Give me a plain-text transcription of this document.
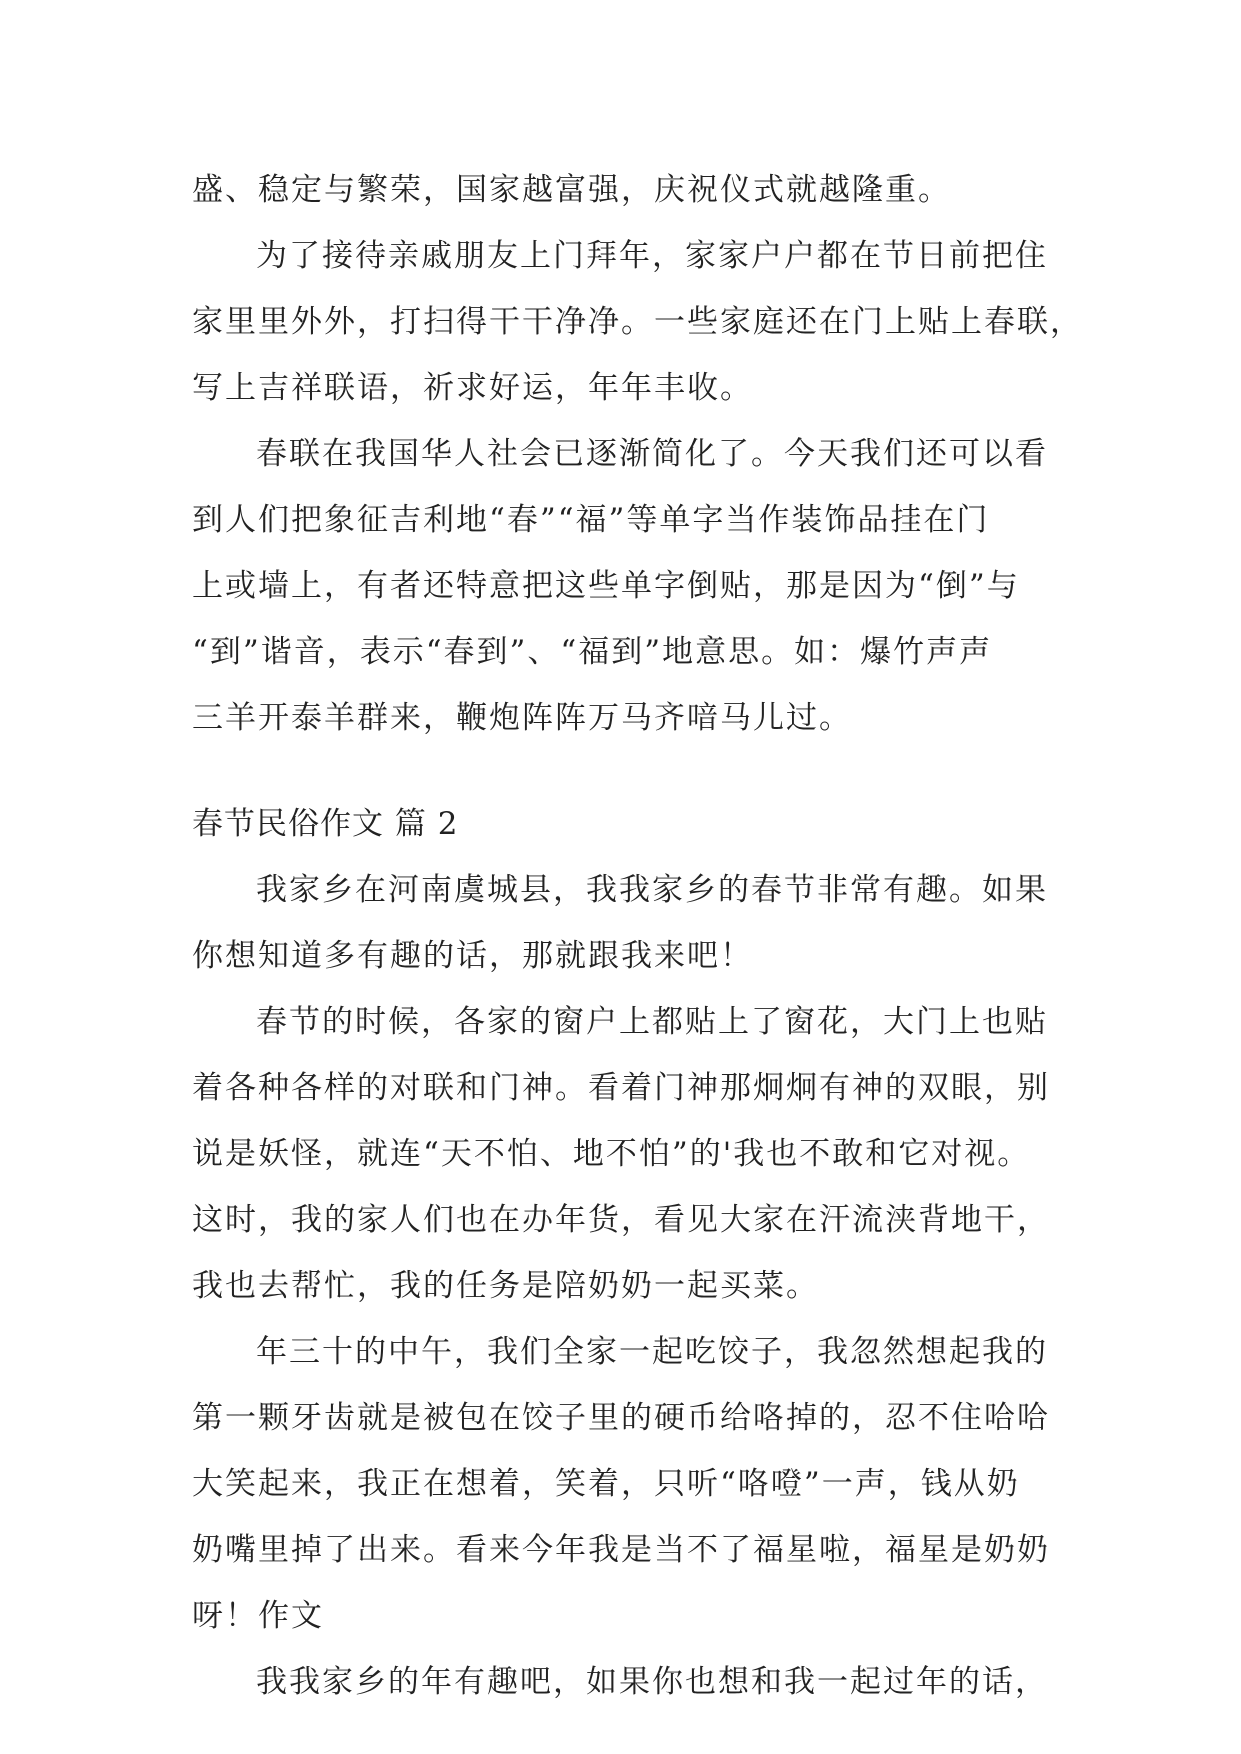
盛、稳定与繁荣，国家越富强，庆祝仪式就越隆重。
为了接待亲戚朋友上门拜年，家家户户都在节日前把住
家里里外外，打扫得干干净净。一些家庭还在门上贴上春联，
写上吉祥联语，祈求好运，年年丰收。
春联在我国华人社会已逐渐简化了。今天我们还可以看
到人们把象征吉利地“春”“福”等单字当作装饰品挂在门
上或墙上，有者还特意把这些单字倒贴，那是因为“倒”与
“到”谐音，表示“春到”、“福到”地意思。如：爆竹声声
三羊开泰羊群来，鞭炮阵阵万马齐喑马儿过。
春节民俗作文 篇 2
我家乡在河南虞城县，我我家乡的春节非常有趣。如果
你想知道多有趣的话，那就跟我来吧！
春节的时候，各家的窗户上都贴上了窗花，大门上也贴
着各种各样的对联和门神。看着门神那炯炯有神的双眼，别
说是妖怪，就连“天不怕、地不怕”的'我也不敢和它对视。
这时，我的家人们也在办年货，看见大家在汗流浃背地干，
我也去帮忙，我的任务是陪奶奶一起买菜。
年三十的中午，我们全家一起吃饺子，我忽然想起我的
第一颗牙齿就是被包在饺子里的硬币给咯掉的，忍不住哈哈
大笑起来，我正在想着，笑着，只听“咯噔”一声，钱从奶
奶嘴里掉了出来。看来今年我是当不了福星啦，福星是奶奶
呀！作文
我我家乡的年有趣吧，如果你也想和我一起过年的话，
